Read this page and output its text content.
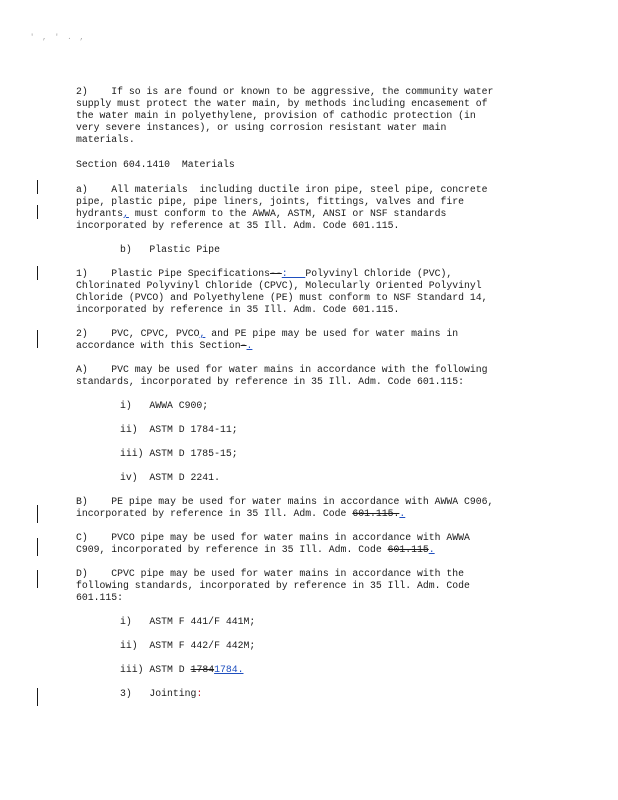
' , ' . ,

2)    If so is are found or known to be aggressive, the community water
supply must protect the water main, by methods including encasement of
the water main in polyethylene, provision of cathodic protection (in
very severe instances), or using corrosion resistant water main
materials.

Section 604.1410  Materials

a)    All materials  including ductile iron pipe, steel pipe, concrete
pipe, plastic pipe, pipe liners, joints, fittings, valves and fire
hydrants, must conform to the AWWA, ASTM, ANSI or NSF standards
incorporated by reference at 35 Ill. Adm. Code 601.115.

b)   Plastic Pipe

1)    Plastic Pipe Specifications--:   Polyvinyl Chloride (PVC),
Chlorinated Polyvinyl Chloride (CPVC), Molecularly Oriented Polyvinyl
Chloride (PVCO) and Polyethylene (PE) must conform to NSF Standard 14,
incorporated by reference in 35 Ill. Adm. Code 601.115.

2)    PVC, CPVC, PVCO, and PE pipe may be used for water mains in
accordance with this Section-.

A)    PVC may be used for water mains in accordance with the following
standards, incorporated by reference in 35 Ill. Adm. Code 601.115:

i)   AWWA C900;

ii)  ASTM D 1784-11;

iii) ASTM D 1785-15;

iv)  ASTM D 2241.

B)    PE pipe may be used for water mains in accordance with AWWA C906,
incorporated by reference in 35 Ill. Adm. Code 601.115..

C)    PVCO pipe may be used for water mains in accordance with AWWA
C909, incorporated by reference in 35 Ill. Adm. Code 601.115.

D)    CPVC pipe may be used for water mains in accordance with the
following standards, incorporated by reference in 35 Ill. Adm. Code
601.115:

i)   ASTM F 441/F 441M;

ii)  ASTM F 442/F 442M;

iii) ASTM D 17841784.

3)   Jointing:
